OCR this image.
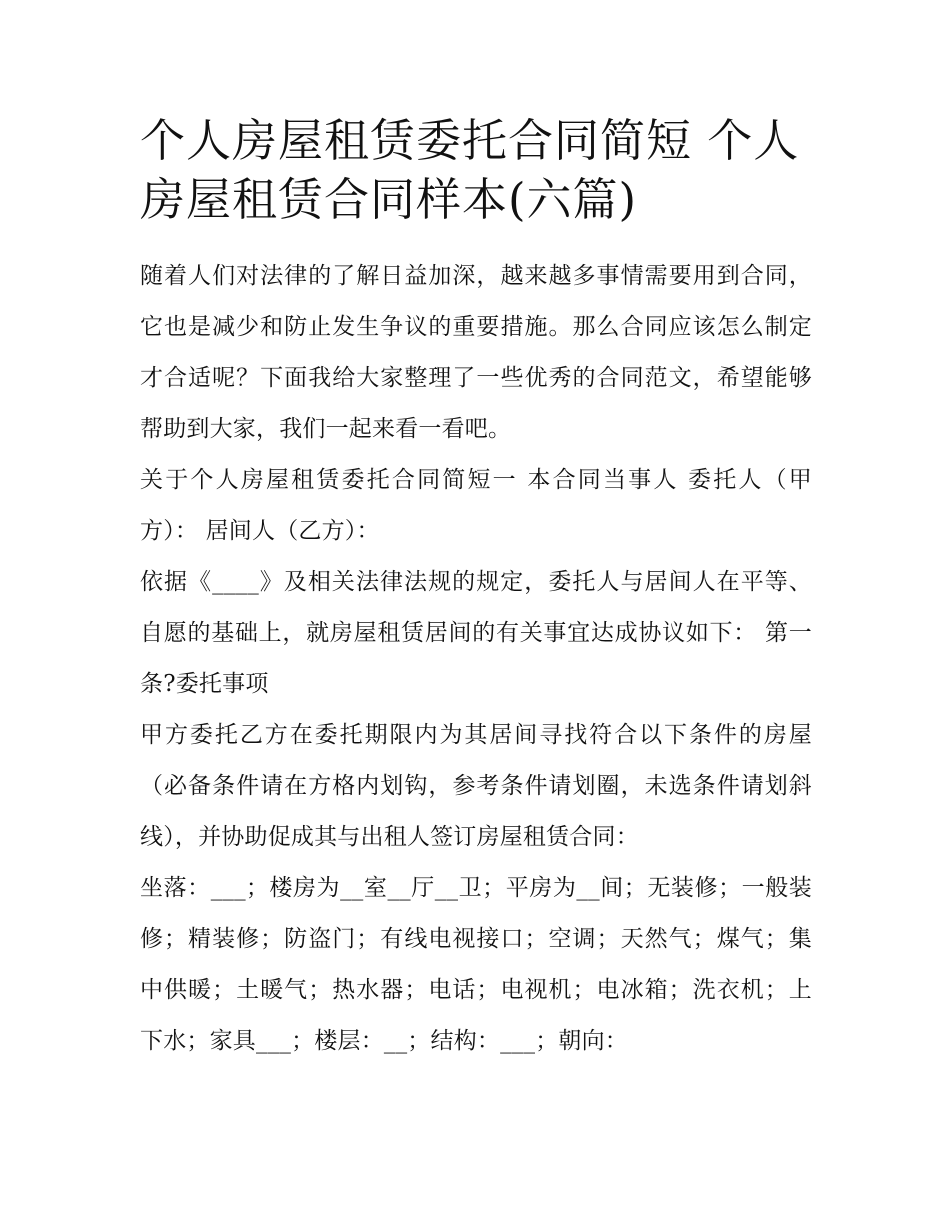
个人房屋租赁委托合同简短 个人房屋租赁合同样本(六篇)

随着人们对法律的了解日益加深，越来越多事情需要用到合同，它也是减少和防止发生争议的重要措施。那么合同应该怎么制定才合适呢？下面我给大家整理了一些优秀的合同范文，希望能够帮助到大家，我们一起来看一看吧。

关于个人房屋租赁委托合同简短一 本合同当事人 委托人（甲方）： 居间人（乙方）：

依据《____》及相关法律法规的规定，委托人与居间人在平等、自愿的基础上，就房屋租赁居间的有关事宜达成协议如下： 第一条?委托事项

甲方委托乙方在委托期限内为其居间寻找符合以下条件的房屋（必备条件请在方格内划钩，参考条件请划圈，未选条件请划斜线），并协助促成其与出租人签订房屋租赁合同：

坐落：___；楼房为__室__厅__卫；平房为__间；无装修；一般装修；精装修；防盗门；有线电视接口；空调；天然气；煤气；集中供暖；土暖气；热水器；电话；电视机；电冰箱；洗衣机；上下水；家具___；楼层：__；结构：___；朝向：
